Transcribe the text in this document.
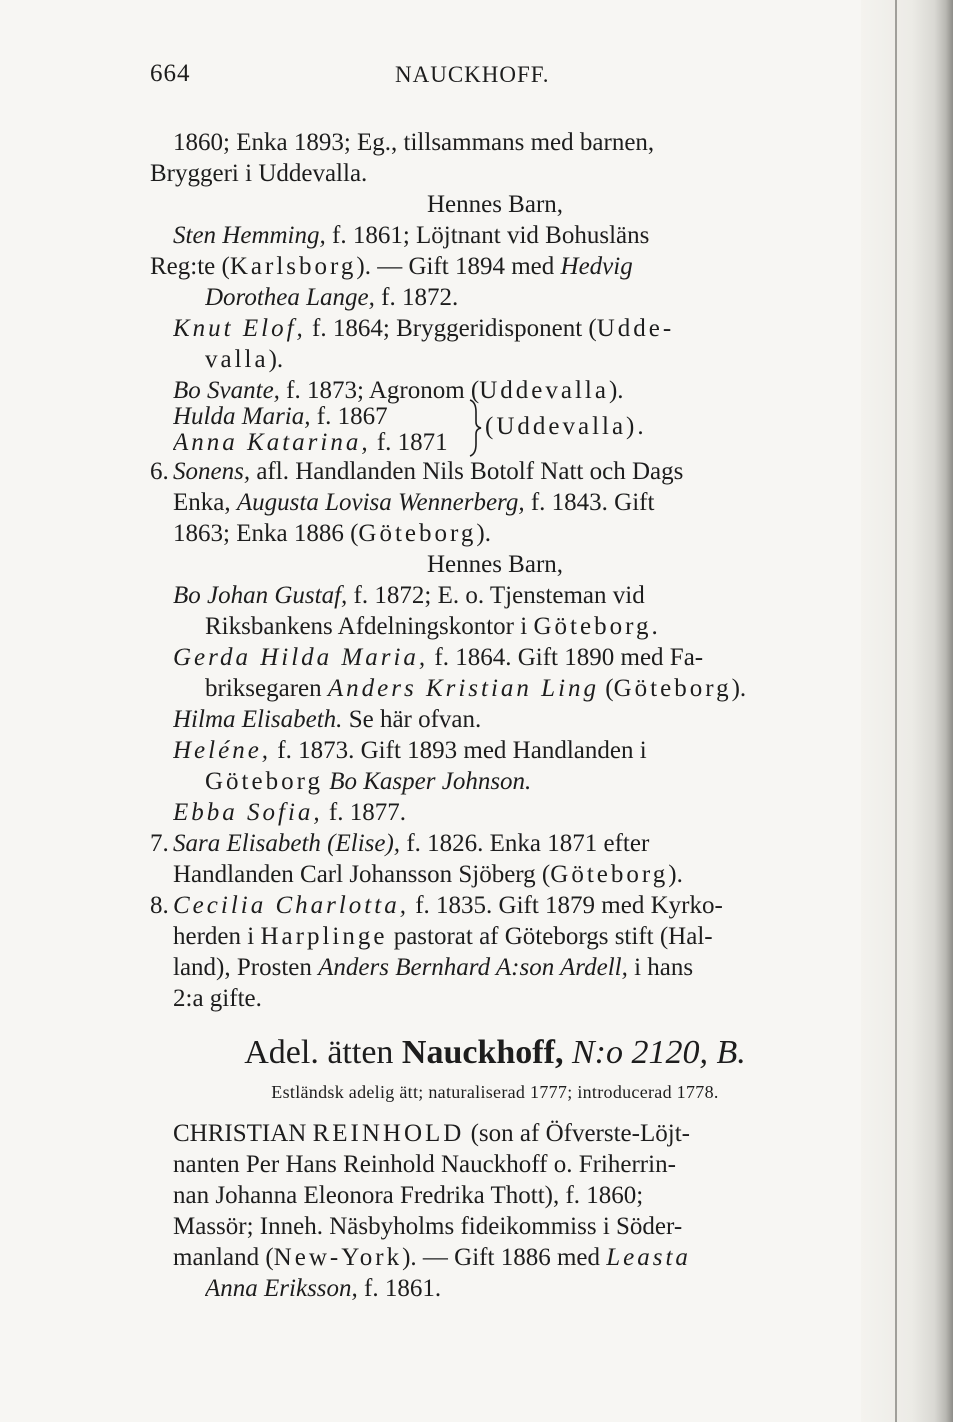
664	NAUCKHOFF.
1860; Enka 1893; Eg., tillsammans med barnen,
Bryggeri i Uddevalla.
Hennes Barn,
Sten Hemming, f. 1861; Löjtnant vid Bohusläns
Reg:te (Karlsborg). — Gift 1894 med Hedvig
Dorothea Lange, f. 1872.
Knut Elof, f. 1864; Bryggeridisponent (Udde-
valla).
Bo Svante, f. 1873; Agronom (Uddevalla).
Hulda Maria, f. 1867
Anna Katarina, f. 1871
(Uddevalla).
Sonens, afl. Handlanden Nils Botolf Natt och Dags
6.
Enka, Augusta Lovisa Wennerberg, f. 1843. Gift
1863; Enka 1886 (Göteborg).
Hennes Barn,
Bo Johan Gustaf, f. 1872; E. o. Tjensteman vid
Riksbankens Afdelningskontor i Göteborg.
Gerda Hilda Maria, f. 1864. Gift 1890 med Fa-
briksegaren Anders Kristian Ling (Göteborg).
Hilma Elisabeth. Se här ofvan.
Heléne, f. 1873. Gift 1893 med Handlanden i
Göteborg Bo Kasper Johnson.
Ebba Sofia, f. 1877.
7. Sara Elisabeth (Elise), f. 1826. Enka 1871 efter
Handlanden Carl Johansson Sjöberg (Göteborg).
8. Cecilia Charlotta, f. 1835. Gift 1879 med Kyrko-
herden i Harplinge pastorat af Göteborgs stift (Hal-
land), Prosten Anders Bernhard A:son Ardell, i hans
2:a gifte.
Adel. ätten Nauckhoff, N:o 2120, B.
Estländsk adelig ätt; naturaliserad 1777; introducerad 1778.
CHRISTIAN REINHOLD (son af Öfverste-Löjt-
nanten Per Hans Reinhold Nauckhoff o. Friherrin-
nan Johanna Eleonora Fredrika Thott), f. 1860;
Massör; Inneh. Näsbyholms fideikommiss i Söder-
manland (New-York). — Gift 1886 med Leasta
Anna Eriksson, f. 1861.
